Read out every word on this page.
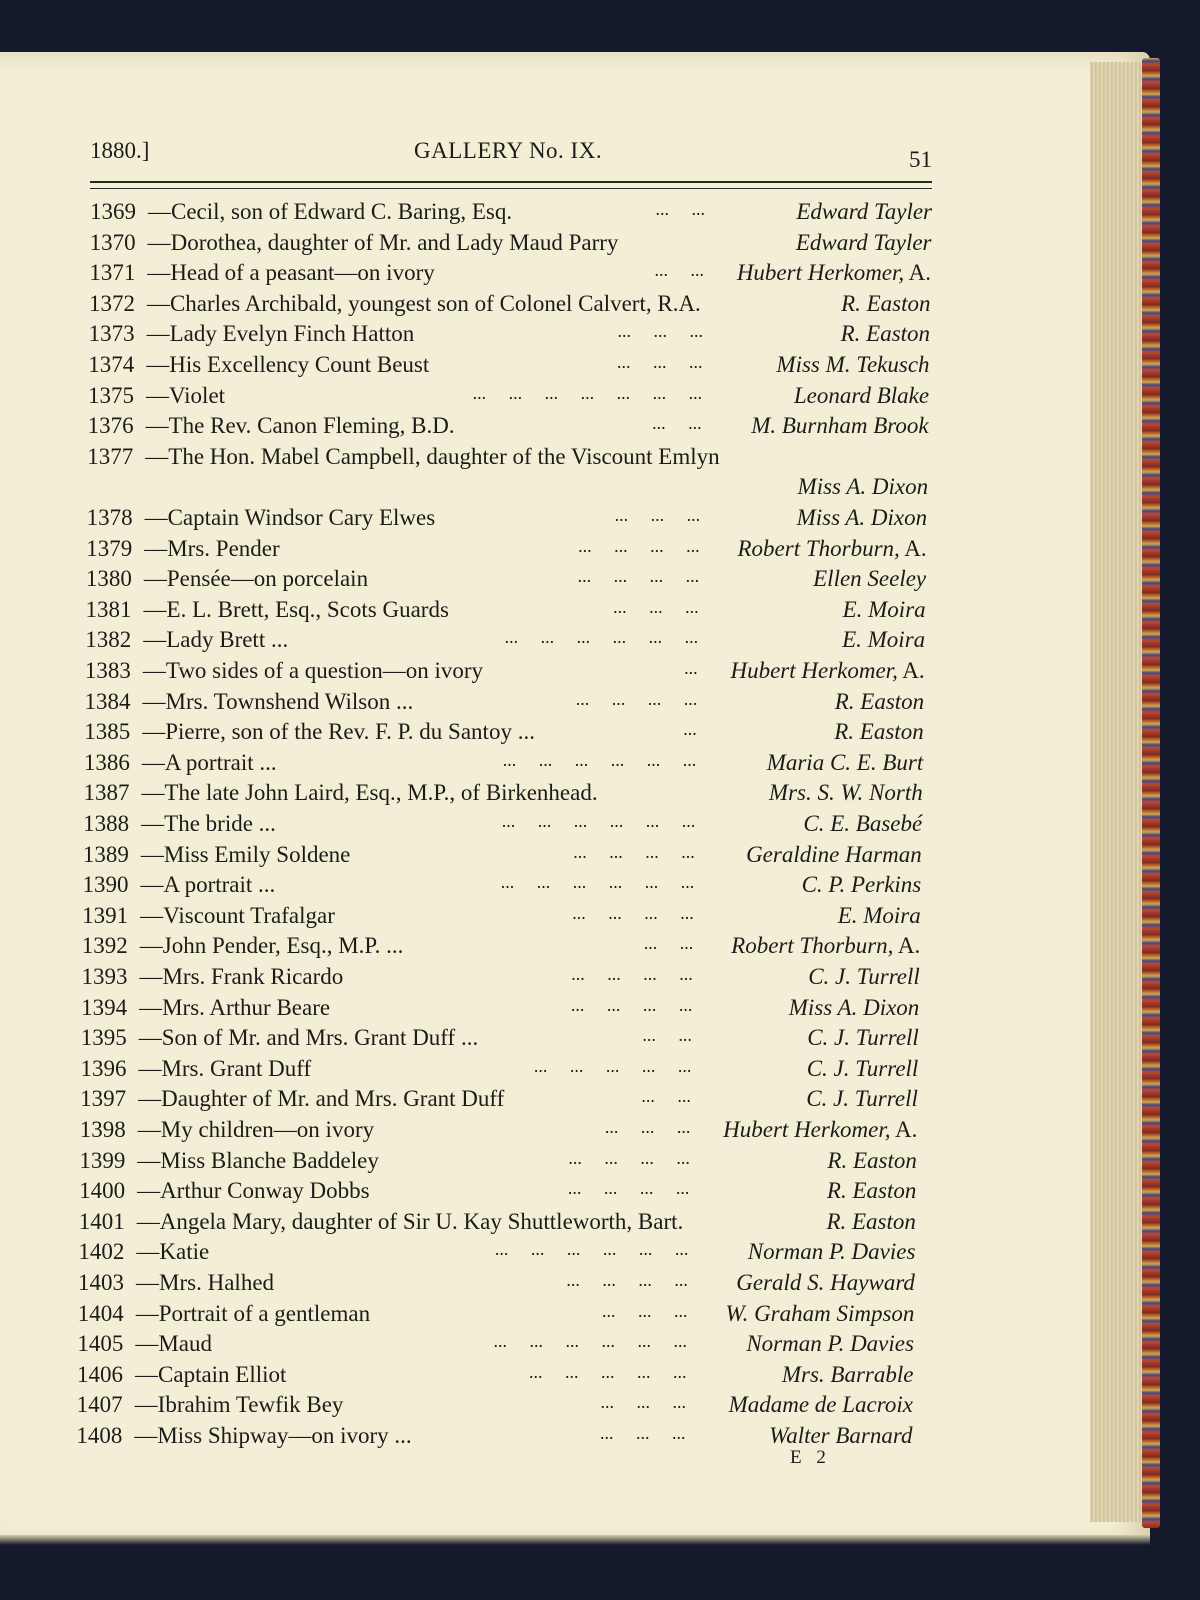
1880.]	GALLERY No. IX.	51
1369 —Cecil, son of Edward C. Baring, Esq.	...     ...	Edward Tayler
1370 —Dorothea, daughter of Mr. and Lady Maud Parry	Edward Tayler
1371 —Head of a peasant—on ivory	...     ... Hubert Herkomer, A.
1372 —Charles Archibald, youngest son of Colonel Calvert, R.A.	R. Easton
1373 —Lady Evelyn Finch Hatton	...     ...     ...	R. Easton
1374 —His Excellency Count Beust	...     ...     ...	Miss M. Tekusch
1375 —Violet	...     ...     ...     ...     ...     ...     ...	Leonard Blake
1376 —The Rev. Canon Fleming, B.D.	...     ... M. Burnham Brook
1377 —The Hon. Mabel Campbell, daughter of the Viscount Emlyn
Miss A. Dixon
1378 —Captain Windsor Cary Elwes	...     ...     ...	Miss A. Dixon
1379 —Mrs. Pender	...     ...     ...     ... Robert Thorburn, A.
1380 —Pensée—on porcelain	...     ...     ...     ...	Ellen Seeley
1381 —E. L. Brett, Esq., Scots Guards	...     ...     ...	E. Moira
1382 —Lady Brett ...	...     ...     ...     ...     ...     ...	E. Moira
1383 —Two sides of a question—on ivory	... Hubert Herkomer, A.
1384 —Mrs. Townshend Wilson ...	...     ...     ...     ...	R. Easton
1385 —Pierre, son of the Rev. F. P. du Santoy ...	...	R. Easton
1386 —A portrait ...	...     ...     ...     ...     ...     ...	Maria C. E. Burt
1387 —The late John Laird, Esq., M.P., of Birkenhead.	Mrs. S. W. North
1388 —The bride ...	...     ...     ...     ...     ...     ...	C. E. Basebé
1389 —Miss Emily Soldene	...     ...     ...     ... Geraldine Harman
1390 —A portrait ...	...     ...     ...     ...     ...     ...	C. P. Perkins
1391 —Viscount Trafalgar	...     ...     ...     ...	E. Moira
1392 —John Pender, Esq., M.P. ...	...     ... Robert Thorburn, A.
1393 —Mrs. Frank Ricardo	...     ...     ...     ...	C. J. Turrell
1394 —Mrs. Arthur Beare	...     ...     ...     ...	Miss A. Dixon
1395 —Son of Mr. and Mrs. Grant Duff ...	...     ...	C. J. Turrell
1396 —Mrs. Grant Duff	...     ...     ...     ...     ...	C. J. Turrell
1397 —Daughter of Mr. and Mrs. Grant Duff	...     ...	C. J. Turrell
1398 —My children—on ivory	...     ...     ... Hubert Herkomer, A.
1399 —Miss Blanche Baddeley	...     ...     ...     ...	R. Easton
1400 —Arthur Conway Dobbs	...     ...     ...     ...	R. Easton
1401 —Angela Mary, daughter of Sir U. Kay Shuttleworth, Bart.	R. Easton
1402 —Katie	...     ...     ...     ...     ...     ...	Norman P. Davies
1403 —Mrs. Halhed	...     ...     ...     ... Gerald S. Hayward
1404 —Portrait of a gentleman	...     ...     ... W. Graham Simpson
1405 —Maud	...     ...     ...     ...     ...     ...	Norman P. Davies
1406 —Captain Elliot	...     ...     ...     ...     ...	Mrs. Barrable
1407 —Ibrahim Tewfik Bey	...     ...     ... Madame de Lacroix
1408 —Miss Shipway—on ivory ...	...     ...     ...	Walter Barnard
E 2
